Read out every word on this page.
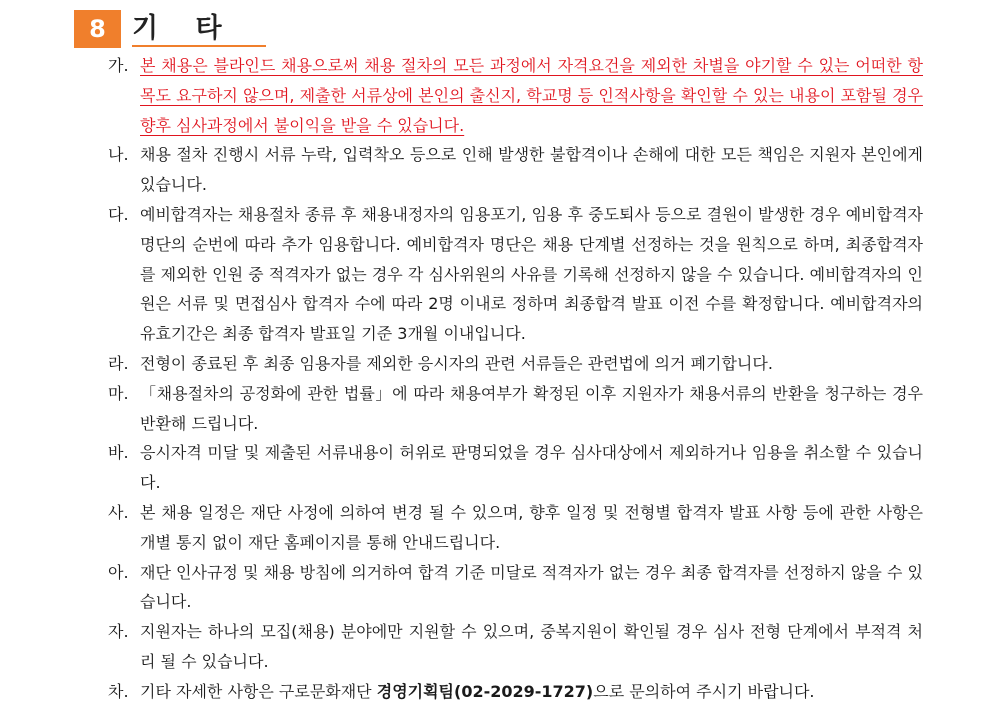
8 기 타
가. 본 채용은 블라인드 채용으로써 채용 절차의 모든 과정에서 자격요건을 제외한 차별을 야기할 수 있는 어떠한 항목도 요구하지 않으며, 제출한 서류상에 본인의 출신지, 학교명 등 인적사항을 확인할 수 있는 내용이 포함될 경우 향후 심사과정에서 불이익을 받을 수 있습니다.
나. 채용 절차 진행시 서류 누락, 입력착오 등으로 인해 발생한 불합격이나 손해에 대한 모든 책임은 지원자 본인에게 있습니다.
다. 예비합격자는 채용절차 종류 후 채용내정자의 임용포기, 임용 후 중도퇴사 등으로 결원이 발생한 경우 예비합격자 명단의 순번에 따라 추가 임용합니다. 예비합격자 명단은 채용 단계별 선정하는 것을 원칙으로 하며, 최종합격자를 제외한 인원 중 적격자가 없는 경우 각 심사위원의 사유를 기록해 선정하지 않을 수 있습니다. 예비합격자의 인원은 서류 및 면접심사 합격자 수에 따라 2명 이내로 정하며 최종합격 발표 이전 수를 확정합니다. 예비합격자의 유효기간은 최종 합격자 발표일 기준 3개월 이내입니다.
라. 전형이 종료된 후 최종 임용자를 제외한 응시자의 관련 서류들은 관련법에 의거 폐기합니다.
마. 「채용절차의 공정화에 관한 법률」에 따라 채용여부가 확정된 이후 지원자가 채용서류의 반환을 청구하는 경우 반환해 드립니다.
바. 응시자격 미달 및 제출된 서류내용이 허위로 판명되었을 경우 심사대상에서 제외하거나 임용을 취소할 수 있습니다.
사. 본 채용 일정은 재단 사정에 의하여 변경 될 수 있으며, 향후 일정 및 전형별 합격자 발표 사항 등에 관한 사항은 개별 통지 없이 재단 홈페이지를 통해 안내드립니다.
아. 재단 인사규정 및 채용 방침에 의거하여 합격 기준 미달로 적격자가 없는 경우 최종 합격자를 선정하지 않을 수 있습니다.
자. 지원자는 하나의 모집(채용) 분야에만 지원할 수 있으며, 중복지원이 확인될 경우 심사 전형 단계에서 부적격 처리 될 수 있습니다.
차. 기타 자세한 사항은 구로문화재단 경영기획팀(02-2029-1727)으로 문의하여 주시기 바랍니다.
